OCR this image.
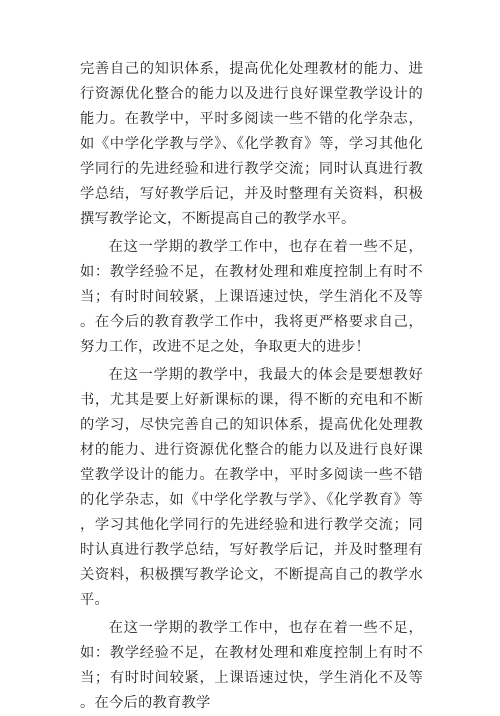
完善自己的知识体系，提高优化处理教材的能力、进行资源优化整合的能力以及进行良好课堂教学设计的能力。在教学中，平时多阅读一些不错的化学杂志，如《中学化学教与学》、《化学教育》等，学习其他化学同行的先进经验和进行教学交流；同时认真进行教学总结，写好教学后记，并及时整理有关资料，积极撰写教学论文，不断提高自己的教学水平。

在这一学期的教学工作中，也存在着一些不足，如：教学经验不足，在教材处理和难度控制上有时不当；有时时间较紧，上课语速过快，学生消化不及等。在今后的教育教学工作中，我将更严格要求自己，努力工作，改进不足之处，争取更大的进步！

在这一学期的教学中，我最大的体会是要想教好书，尤其是要上好新课标的课，得不断的充电和不断的学习，尽快完善自己的知识体系，提高优化处理教材的能力、进行资源优化整合的能力以及进行良好课堂教学设计的能力。在教学中，平时多阅读一些不错的化学杂志，如《中学化学教与学》、《化学教育》等，学习其他化学同行的先进经验和进行教学交流；同时认真进行教学总结，写好教学后记，并及时整理有关资料，积极撰写教学论文，不断提高自己的教学水平。

在这一学期的教学工作中，也存在着一些不足，如：教学经验不足，在教材处理和难度控制上有时不当；有时时间较紧，上课语速过快，学生消化不及等。在今后的教育教学
